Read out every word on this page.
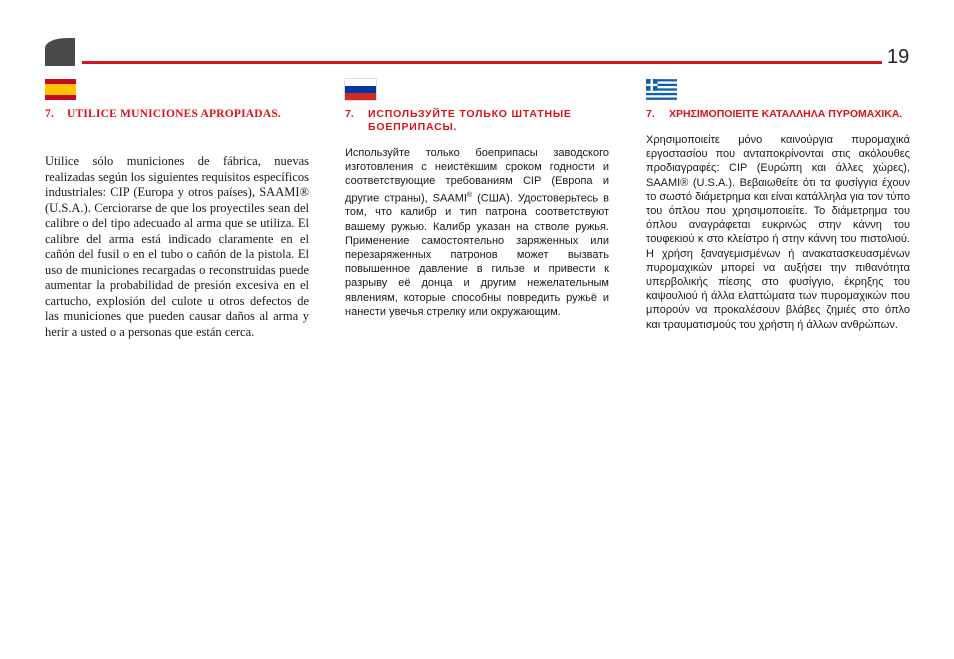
19
7.	UTILICE MUNICIONES APROPIADAS.

Utilice sólo municiones de fábrica, nuevas realizadas según los siguientes requisitos específicos industriales: CIP (Europa y otros países), SAAMI® (U.S.A.). Cerciorarse de que los proyectiles sean del calibre o del tipo adecuado al arma que se utiliza. El calibre del arma está indicado claramente en el cañón del fusil o en el tubo o cañón de la pistola. El uso de municiones recargadas o reconstruidas puede aumentar la probabilidad de presión excesiva en el cartucho, explosión del culote u otros defectos de las municiones que pueden causar daños al arma y herir a usted o a personas que están cerca.

7.	ИСПОЛЬЗУЙТЕ ТОЛЬКО ШТАТНЫЕ БОЕПРИПАСЫ.

Используйте только боеприпасы заводского изготовления с неистёкшим сроком годности и соответствующие требованиям CIP (Европа и другие страны), SAAMI® (США). Удостоверьтесь в том, что калибр и тип патрона соответствуют вашему ружью. Калибр указан на стволе ружья. Применение самостоятельно заряженных или перезаряженных патронов может вызвать повышенное давление в гильзе и привести к разрыву её донца и другим нежелательным явлениям, которые способны повредить ружьё и нанести увечья стрелку или окружающим.

7.	ΧΡΗΣΙΜΟΠΟΙΕΙΤΕ ΚΑΤΑΛΛΗΛΑ ΠΥΡΟΜΑΧΙΚΑ.

Χρησιμοποιείτε μόνο καινούργια πυρομαχικά εργοστασίου που ανταποκρίνονται στις ακόλουθες προδιαγραφές: CIP (Ευρώπη και άλλες χώρες), SAAMI® (U.S.A.). Βεβαιωθείτε ότι τα φυσίγγια έχουν το σωστό διάμετρημα και είναι κατάλληλα για τον τύπο του όπλου που χρησιμοποιείτε. Το διάμετρημα του όπλου αναγράφεται ευκρινώς στην κάννη του τουφεκιού κ στο κλείστρο ή στην κάννη του πιστολιού. Η χρήση ξαναγεμισμένων ή ανακατασκευασμένων πυρομαχικών μπορεί να αυξήσει την πιθανότητα υπερβολικής πίεσης στο φυσίγγιο, έκρηξης του καψουλιού ή άλλα ελαττώματα των πυρομαχικών που μπορούν να προκαλέσουν βλάβες ζημιές στο όπλο και τραυματισμούς του χρήστη ή άλλων ανθρώπων.
